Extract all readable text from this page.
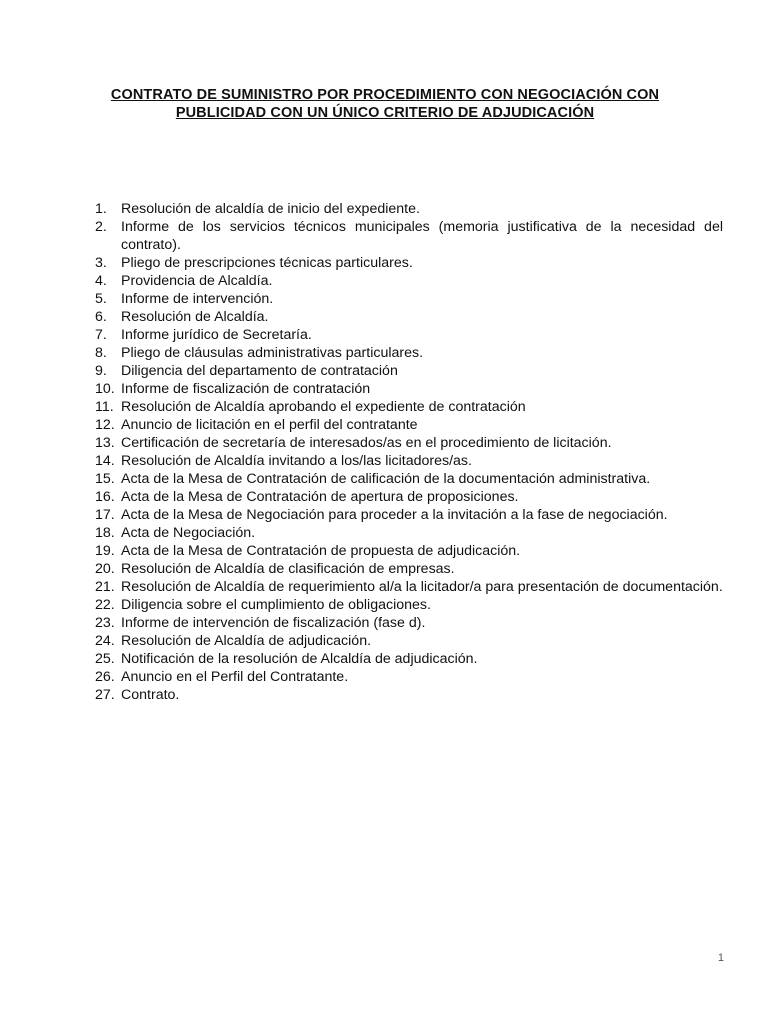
CONTRATO DE SUMINISTRO POR PROCEDIMIENTO CON NEGOCIACIÓN CON
PUBLICIDAD CON UN ÚNICO CRITERIO DE ADJUDICACIÓN
1. Resolución de alcaldía de inicio del expediente.
2. Informe de los servicios técnicos municipales (memoria justificativa de la necesidad del contrato).
3. Pliego de prescripciones técnicas particulares.
4. Providencia de Alcaldía.
5. Informe de intervención.
6. Resolución de Alcaldía.
7. Informe jurídico de Secretaría.
8. Pliego de cláusulas administrativas particulares.
9. Diligencia del departamento de contratación
10. Informe de fiscalización de contratación
11. Resolución de Alcaldía aprobando el expediente de contratación
12. Anuncio de licitación en el perfil del contratante
13. Certificación de secretaría de interesados/as en el procedimiento de licitación.
14. Resolución de Alcaldía invitando a los/las licitadores/as.
15. Acta de la Mesa de Contratación de calificación de la documentación administrativa.
16. Acta de la Mesa de Contratación de apertura de proposiciones.
17. Acta de la Mesa de Negociación para proceder a la invitación a la fase de negociación.
18. Acta de Negociación.
19. Acta de la Mesa de Contratación de propuesta de adjudicación.
20. Resolución de Alcaldía de clasificación de empresas.
21. Resolución de Alcaldía de requerimiento al/a la licitador/a para presentación de documentación.
22. Diligencia sobre el cumplimiento de obligaciones.
23. Informe de intervención de fiscalización (fase d).
24. Resolución de Alcaldía de adjudicación.
25. Notificación de la resolución de Alcaldía de adjudicación.
26. Anuncio en el Perfil del Contratante.
27. Contrato.
1
